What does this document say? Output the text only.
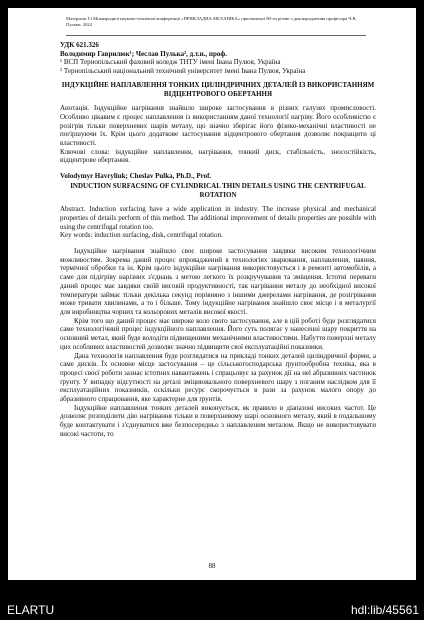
Матеріали I-ї Міжнародної науково-технічної конференції «ПРИКЛАДНА МЕХАНІКА» присвяченої 80-ти річчю з дня народження професора Ч.В. Пульки, 2024

УДК 621.326

Володимир Гаврилюк¹; Чеслав Пулька², д.т.н., проф.

¹ ВСП Тернопільський фаховий коледж ТНТУ імені Івана Пулюя, Україна

² Тернопільський національний технічний університет імені Івана Пулюя, Україна

ІНДУКЦІЙНЕ НАПЛАВЛЕННЯ ТОНКИХ ЦИЛІНДРИЧНИХ ДЕТАЛЕЙ ІЗ ВИКОРИСТАННЯМ ВІДЦЕНТРОВОГО ОБЕРТАННЯ

Анотація. Індукційне нагрівання знайшло широке застосування в різних галузях промисловості. Особливо цікавим є процес наплавлення із використанням даної технології нагріву. Його особливістю є розігрів тільки поверхневих шарів металу, що значно зберігає його фізико-механічні властивості не погіршуючи їх. Крім цього додаткове застосування відцентрового обертання дозволяє покращити ці властивості.

Ключові слова: індукційне наплавлення, нагрівання, тонкий диск, стабільність, зносостійкість, відцентрове обертання.

Volodymyr Havryliuk; Cheslav Pulka, Ph.D., Prof.

INDUCTION SURFACSING OF CYLINDRICAL THIN DETAILS USING THE CENTRIFUGAL ROTATION

Abstract. Induction surfacing have a wide application in industry. The increase physical and mechanical properties of details perform of this method. The additional improvement of details properties are possible with using the centrifugal rotation too.

Key words: induction surfacing, disk, centrifugal rotation.

Індукційне нагрівання знайшло своє широке застосування завдяки високим технологічним можливостям. Зокрема даний процес впроваджений в технологіях зварювання, наплавлення, паяння, термічної обробки та ін. Крім цього індукційне нагрівання використовується і в ремонті автомобілів, а саме для підігріву нарізних з'єднань з метою легкого їх розкручування та зміщення. Істотні переваги даний процес має завдяки своїй високій продуктивності, так нагрівання металу до необхідної високої температури займає тільки декілька секунд порівняно з іншими джерелами нагрівання, де розігрівання може тривати хвилинами, а то і більше. Тому індукційне нагрівання знайшло своє місце і в металургії для виробництва чорних та кольорових металів високої якості.

Крім того що даний процес має широке коло свого застосування, але в цій роботі буде розглядатися саме технологічний процес індукційного наплавлення. Його суть полягає у нанесенні шару покриття на основний метал, який буде володіти підвищеними механічними властивостями. Набуття поверхні металу цих особливих властивостей дозволяє значно підвищити свої експлуатаційні показники.

Дана технологія наплавлення буде розглядатися на прикладі тонких деталей циліндричної форми, а саме дисків. Їх основне місце застосування – це сільськогосподарська ґрунтообробна техніка, яка в процесі своєї роботи зазнає істотних навантажень і спрацьовує за рахунок дії на неї абразивних частинок ґрунту. У випадку відсутності на деталі зміцнювального поверхневого шару з поганим наслідком для її експлуатаційних показників, оскільки ресурс скорочується в рази за рахунок малого опору до абразивного спрацювання, яке характерне для ґрунтів.

Індукційне наплавлення тонких деталей виконується, як правило в діапазоні високих частот. Це дозволяє розподілити дію нагрівання тільки в поверхневому шарі основного металу, який в подальшому буде контактувати і з'єднуватися вже безпосередньо з наплавленим металом. Якщо не використовувати високі частоти, то

88
ELARTU	hdl:lib/45561
